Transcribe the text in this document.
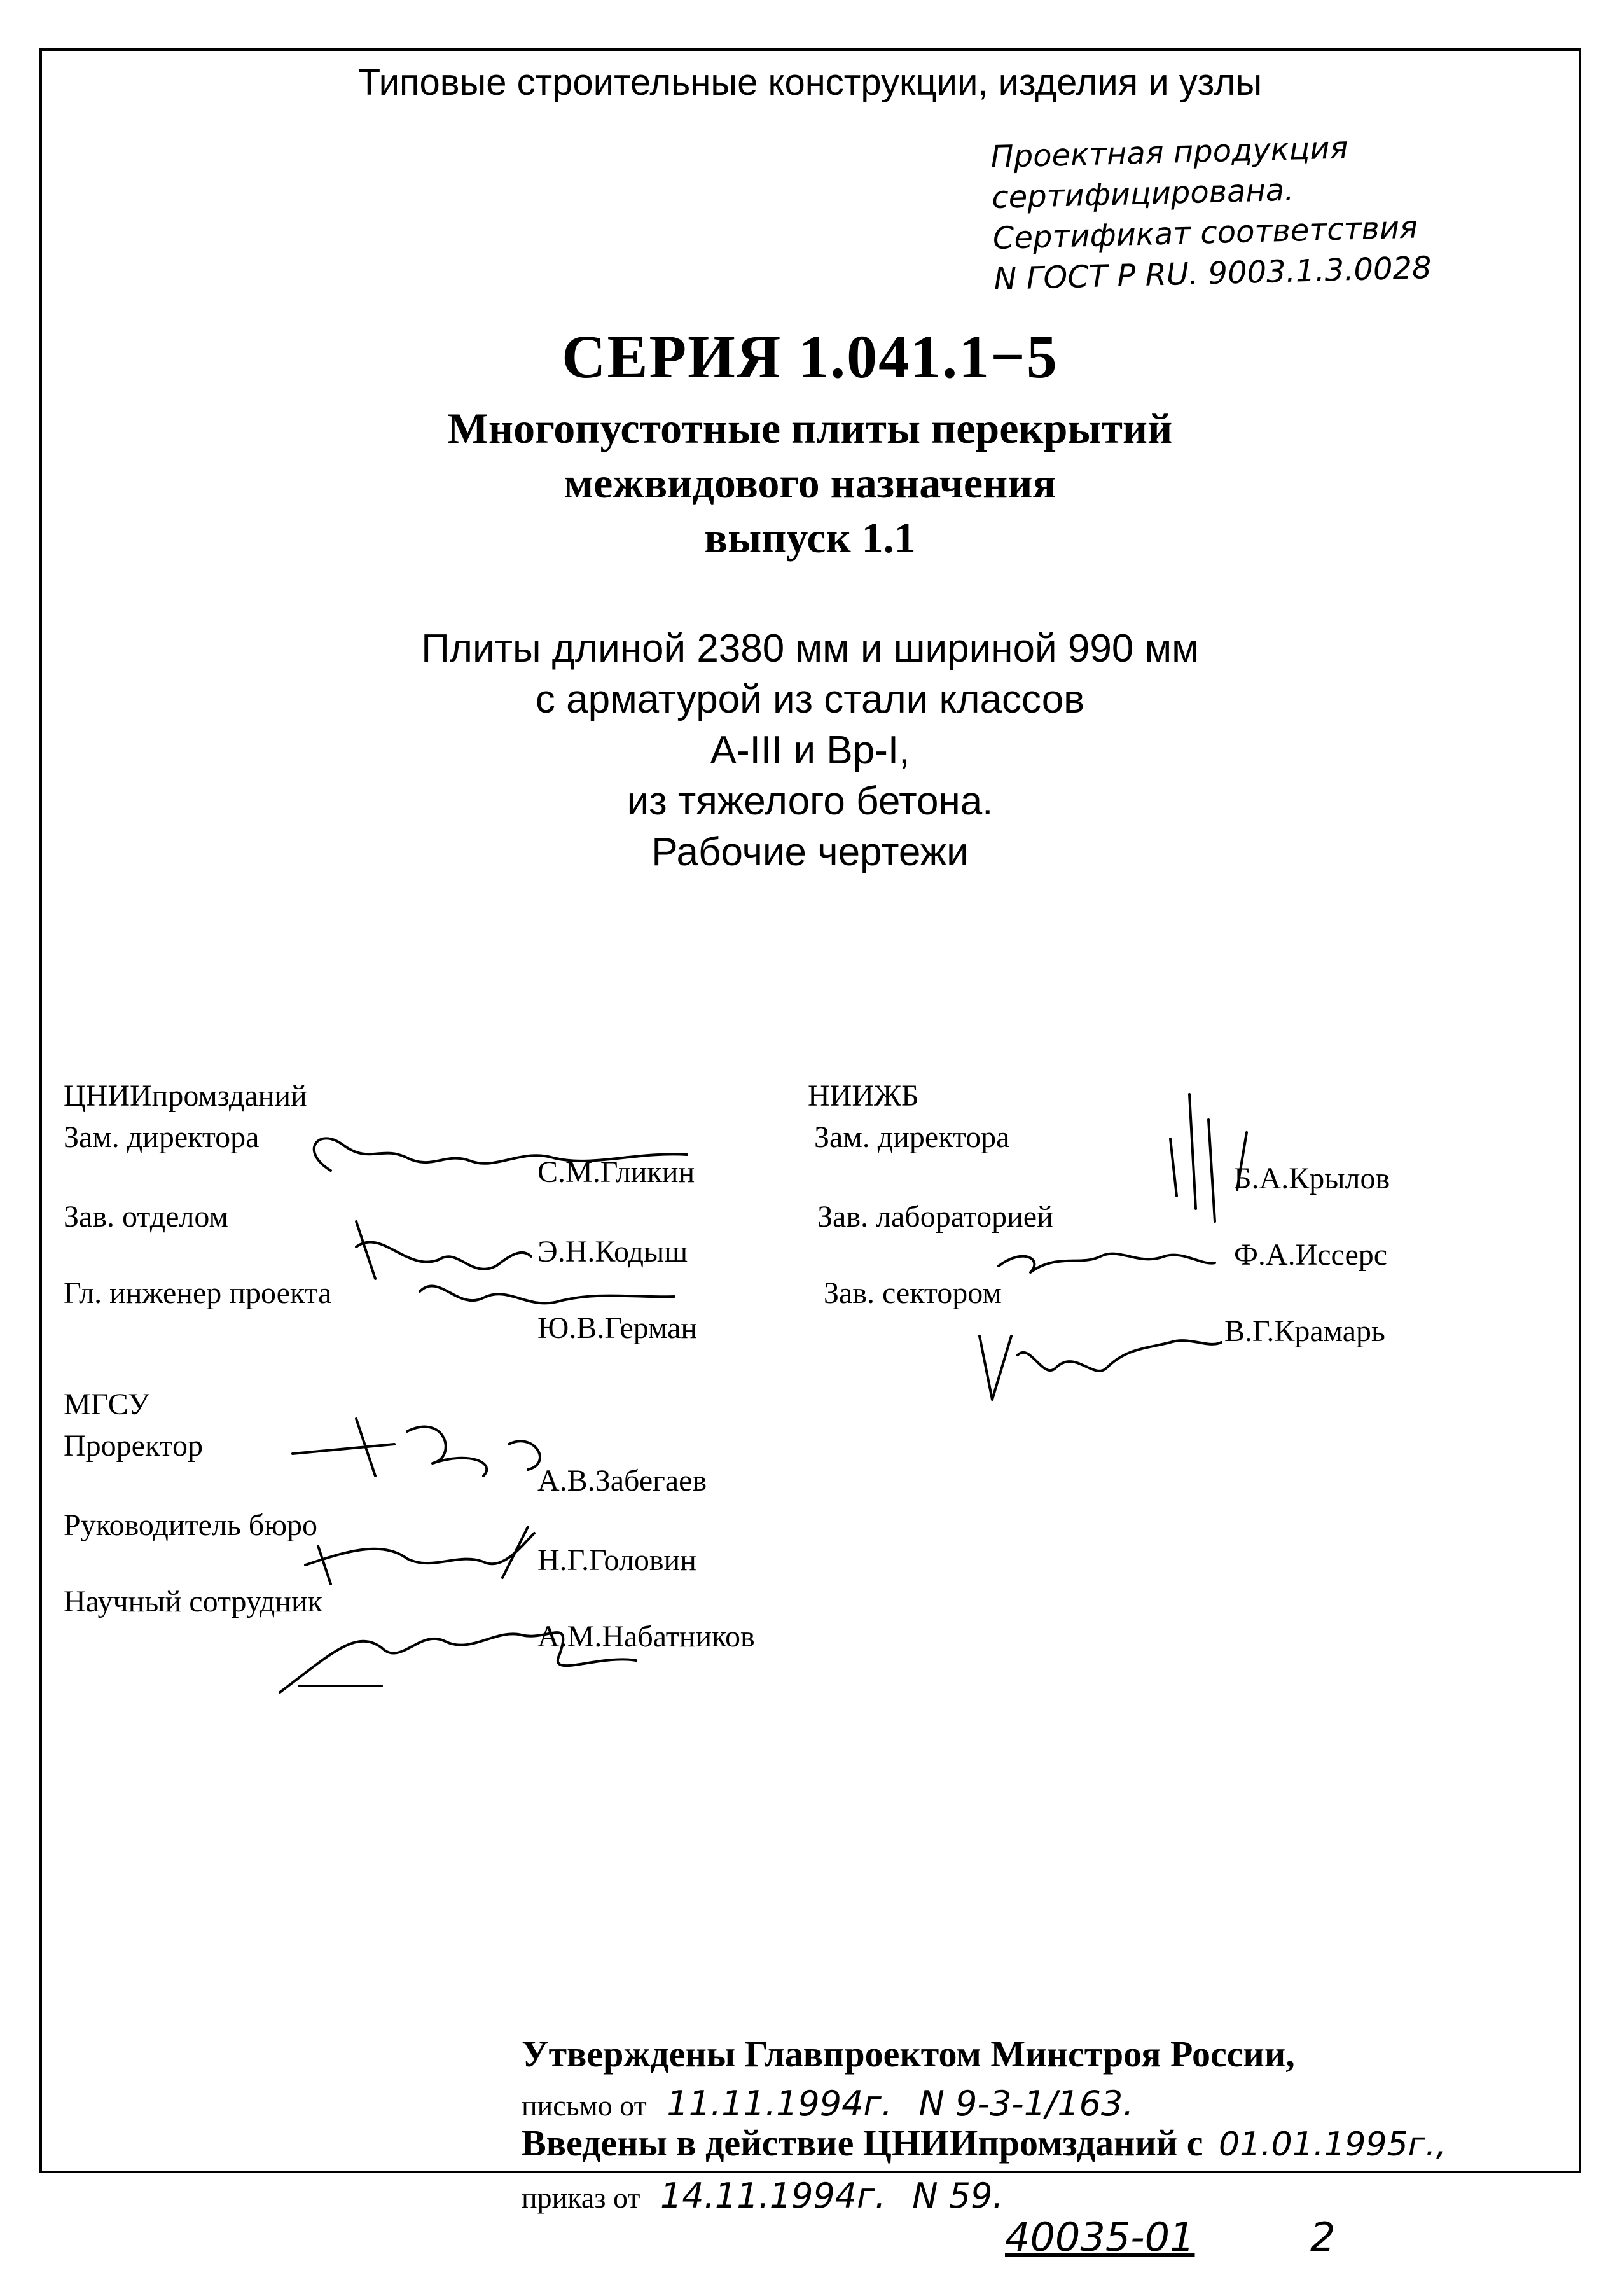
Типовые строительные конструкции, изделия и узлы
Проектная продукция
сертифицирована.
Сертификат соответствия
N ГОСТ Р RU. 9003.1.3.0028
СЕРИЯ 1.041.1−5
Многопустотные плиты перекрытий
межвидового назначения
выпуск 1.1
Плиты длиной 2380 мм и шириной 990 мм
с арматурой из стали классов
А-III и Вр-I,
из тяжелого бетона.
Рабочие чертежи
ЦНИИпромзданий
Зам. директора
С.М.Гликин
Зав. отделом
Э.Н.Кодыш
Гл. инженер проекта
Ю.В.Герман
МГСУ
Проректор
А.В.Забегаев
Руководитель бюро
Н.Г.Головин
Научный сотрудник
А.М.Набатников
НИИЖБ
Зам. директора
Б.А.Крылов
Зав. лабораторией
Ф.А.Иссерс
Зав. сектором
В.Г.Крамарь
Утверждены Главпроектом Минстроя России,
письмо от 11.11.1994г. N 9-3-1/163.
Введены в действие ЦНИИпромзданий с 01.01.1995г.,
приказ от 14.11.1994г. N 59.
40035-01	2
